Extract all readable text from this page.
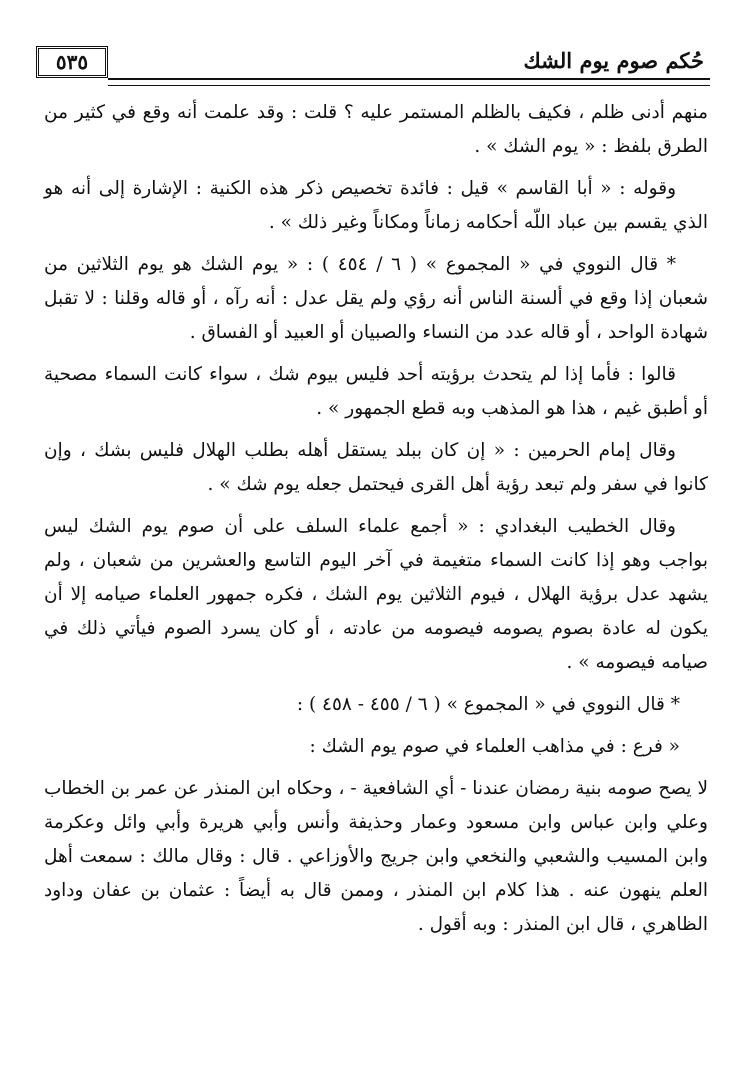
٥٣٥	حُكم صوم يوم الشك

منهم أدنى ظلم ، فكيف بالظلم المستمر عليه ؟ قلت : وقد علمت أنه وقع في كثير من الطرق بلفظ : « يوم الشك » .

وقوله : « أبا القاسم » قيل : فائدة تخصيص ذكر هذه الكنية : الإشارة إلى أنه هو الذي يقسم بين عباد اللّه أحكامه زماناً ومكاناً وغير ذلك » .

* قال النووي في « المجموع » ( ٦ / ٤٥٤ ) : « يوم الشك هو يوم الثلاثين من شعبان إذا وقع في ألسنة الناس أنه رؤي ولم يقل عدل : أنه رآه ، أو قاله وقلنا : لا تقبل شهادة الواحد ، أو قاله عدد من النساء والصبيان أو العبيد أو الفساق .

قالوا : فأما إذا لم يتحدث برؤيته أحد فليس بيوم شك ، سواء كانت السماء مصحية أو أطبق غيم ، هذا هو المذهب وبه قطع الجمهور » .

وقال إمام الحرمين : « إن كان ببلد يستقل أهله بطلب الهلال فليس بشك ، وإن كانوا في سفر ولم تبعد رؤية أهل القرى فيحتمل جعله يوم شك » .

وقال الخطيب البغدادي : « أجمع علماء السلف على أن صوم يوم الشك ليس بواجب وهو إذا كانت السماء متغيمة في آخر اليوم التاسع والعشرين من شعبان ، ولم يشهد عدل برؤية الهلال ، فيوم الثلاثين يوم الشك ، فكره جمهور العلماء صيامه إلا أن يكون له عادة بصوم يصومه فيصومه من عادته ، أو كان يسرد الصوم فيأتي ذلك في صيامه فيصومه » .

* قال النووي في « المجموع » ( ٦ / ٤٥٥ - ٤٥٨ ) :

« فرع : في مذاهب العلماء في صوم يوم الشك :

لا يصح صومه بنية رمضان عندنا - أي الشافعية - ، وحكاه ابن المنذر عن عمر بن الخطاب وعلي وابن عباس وابن مسعود وعمار وحذيفة وأنس وأبي هريرة وأبي وائل وعكرمة وابن المسيب والشعبي والنخعي وابن جريج والأوزاعي . قال : وقال مالك : سمعت أهل العلم ينهون عنه . هذا كلام ابن المنذر ، وممن قال به أيضاً : عثمان بن عفان وداود الظاهري ، قال ابن المنذر : وبه أقول .
